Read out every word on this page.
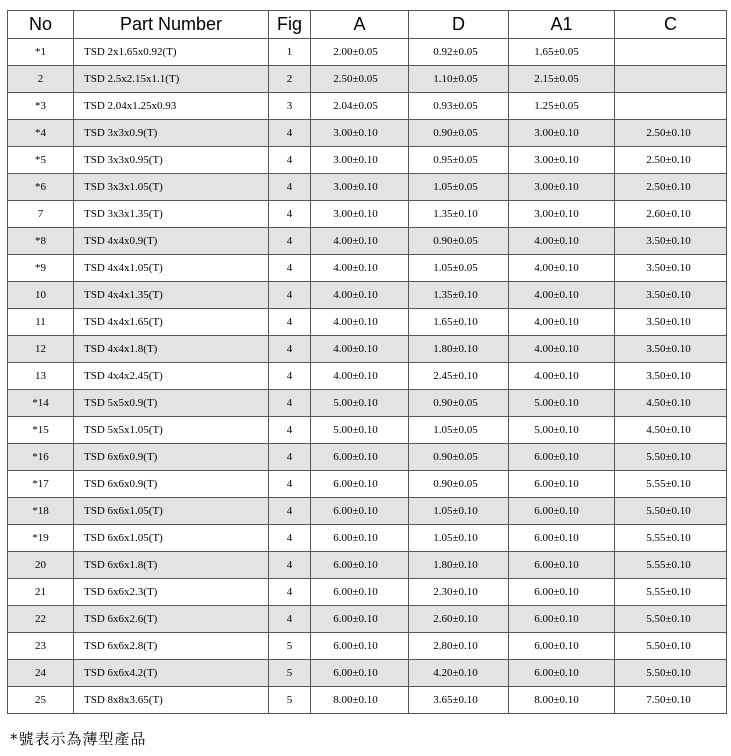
No	Part Number	Fig	A	D	A1	C
*1	TSD 2x1.65x0.92(T)	1	2.00±0.05	0.92±0.05	1.65±0.05	
2	TSD 2.5x2.15x1.1(T)	2	2.50±0.05	1.10±0.05	2.15±0.05	
*3	TSD 2.04x1.25x0.93	3	2.04±0.05	0.93±0.05	1.25±0.05	
*4	TSD 3x3x0.9(T)	4	3.00±0.10	0.90±0.05	3.00±0.10	2.50±0.10
*5	TSD 3x3x0.95(T)	4	3.00±0.10	0.95±0.05	3.00±0.10	2.50±0.10
*6	TSD 3x3x1.05(T)	4	3.00±0.10	1.05±0.05	3.00±0.10	2.50±0.10
7	TSD 3x3x1.35(T)	4	3.00±0.10	1.35±0.10	3.00±0.10	2.60±0.10
*8	TSD 4x4x0.9(T)	4	4.00±0.10	0.90±0.05	4.00±0.10	3.50±0.10
*9	TSD 4x4x1.05(T)	4	4.00±0.10	1.05±0.05	4.00±0.10	3.50±0.10
10	TSD 4x4x1.35(T)	4	4.00±0.10	1.35±0.10	4.00±0.10	3.50±0.10
11	TSD 4x4x1.65(T)	4	4.00±0.10	1.65±0.10	4.00±0.10	3.50±0.10
12	TSD 4x4x1.8(T)	4	4.00±0.10	1.80±0.10	4.00±0.10	3.50±0.10
13	TSD 4x4x2.45(T)	4	4.00±0.10	2.45±0.10	4.00±0.10	3.50±0.10
*14	TSD 5x5x0.9(T)	4	5.00±0.10	0.90±0.05	5.00±0.10	4.50±0.10
*15	TSD 5x5x1.05(T)	4	5.00±0.10	1.05±0.05	5.00±0.10	4.50±0.10
*16	TSD 6x6x0.9(T)	4	6.00±0.10	0.90±0.05	6.00±0.10	5.50±0.10
*17	TSD 6x6x0.9(T)	4	6.00±0.10	0.90±0.05	6.00±0.10	5.55±0.10
*18	TSD 6x6x1.05(T)	4	6.00±0.10	1.05±0.10	6.00±0.10	5.50±0.10
*19	TSD 6x6x1.05(T)	4	6.00±0.10	1.05±0.10	6.00±0.10	5.55±0.10
20	TSD 6x6x1.8(T)	4	6.00±0.10	1.80±0.10	6.00±0.10	5.55±0.10
21	TSD 6x6x2.3(T)	4	6.00±0.10	2.30±0.10	6.00±0.10	5.55±0.10
22	TSD 6x6x2.6(T)	4	6.00±0.10	2.60±0.10	6.00±0.10	5.50±0.10
23	TSD 6x6x2.8(T)	5	6.00±0.10	2.80±0.10	6.00±0.10	5.50±0.10
24	TSD 6x6x4.2(T)	5	6.00±0.10	4.20±0.10	6.00±0.10	5.50±0.10
25	TSD 8x8x3.65(T)	5	8.00±0.10	3.65±0.10	8.00±0.10	7.50±0.10
*號表示為薄型產品
